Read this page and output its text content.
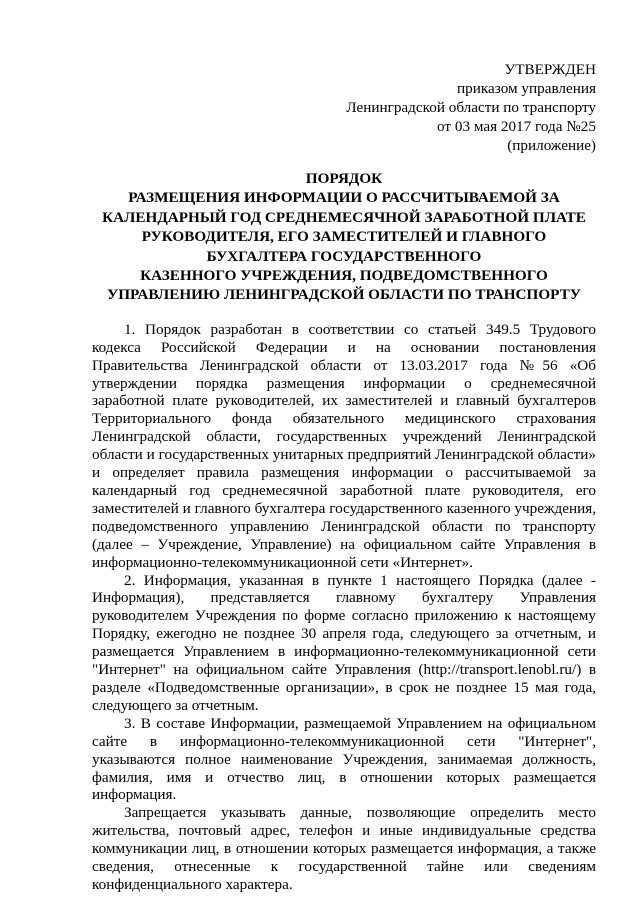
УТВЕРЖДЕН
приказом управления
Ленинградской области по транспорту
от 03 мая 2017 года №25
(приложение)
ПОРЯДОК
РАЗМЕЩЕНИЯ ИНФОРМАЦИИ О РАССЧИТЫВАЕМОЙ ЗА
КАЛЕНДАРНЫЙ ГОД СРЕДНЕМЕСЯЧНОЙ ЗАРАБОТНОЙ ПЛАТЕ
РУКОВОДИТЕЛЯ, ЕГО ЗАМЕСТИТЕЛЕЙ И ГЛАВНОГО
БУХГАЛТЕРА ГОСУДАРСТВЕННОГО
КАЗЕННОГО УЧРЕЖДЕНИЯ, ПОДВЕДОМСТВЕННОГО
УПРАВЛЕНИЮ ЛЕНИНГРАДСКОЙ ОБЛАСТИ ПО ТРАНСПОРТУ

1. Порядок разработан в соответствии со статьей 349.5 Трудового кодекса Российской Федерации и на основании постановления Правительства Ленинградской области от 13.03.2017 года №56 «Об утверждении порядка размещения информации о среднемесячной заработной плате руководителей, их заместителей и главный бухгалтеров Территориального фонда обязательного медицинского страхования Ленинградской области, государственных учреждений Ленинградской области и государственных унитарных предприятий Ленинградской области» и определяет правила размещения информации о рассчитываемой за календарный год среднемесячной заработной плате руководителя, его заместителей и главного бухгалтера государственного казенного учреждения, подведомственного управлению Ленинградской области по транспорту (далее – Учреждение, Управление) на официальном сайте Управления в информационно-телекоммуникационной сети «Интернет».

2. Информация, указанная в пункте 1 настоящего Порядка (далее - Информация), представляется главному бухгалтеру Управления руководителем Учреждения по форме согласно приложению к настоящему Порядку, ежегодно не позднее 30 апреля года, следующего за отчетным, и размещается Управлением в информационно-телекоммуникационной сети "Интернет" на официальном сайте Управления (http://transport.lenobl.ru/) в разделе «Подведомственные организации», в срок не позднее 15 мая года, следующего за отчетным.

3. В составе Информации, размещаемой Управлением на официальном сайте в информационно-телекоммуникационной сети "Интернет", указываются полное наименование Учреждения, занимаемая должность, фамилия, имя и отчество лиц, в отношении которых размещается информация.

Запрещается указывать данные, позволяющие определить место жительства, почтовый адрес, телефон и иные индивидуальные средства коммуникации лиц, в отношении которых размещается информация, а также сведения, отнесенные к государственной тайне или сведениям конфиденциального характера.
